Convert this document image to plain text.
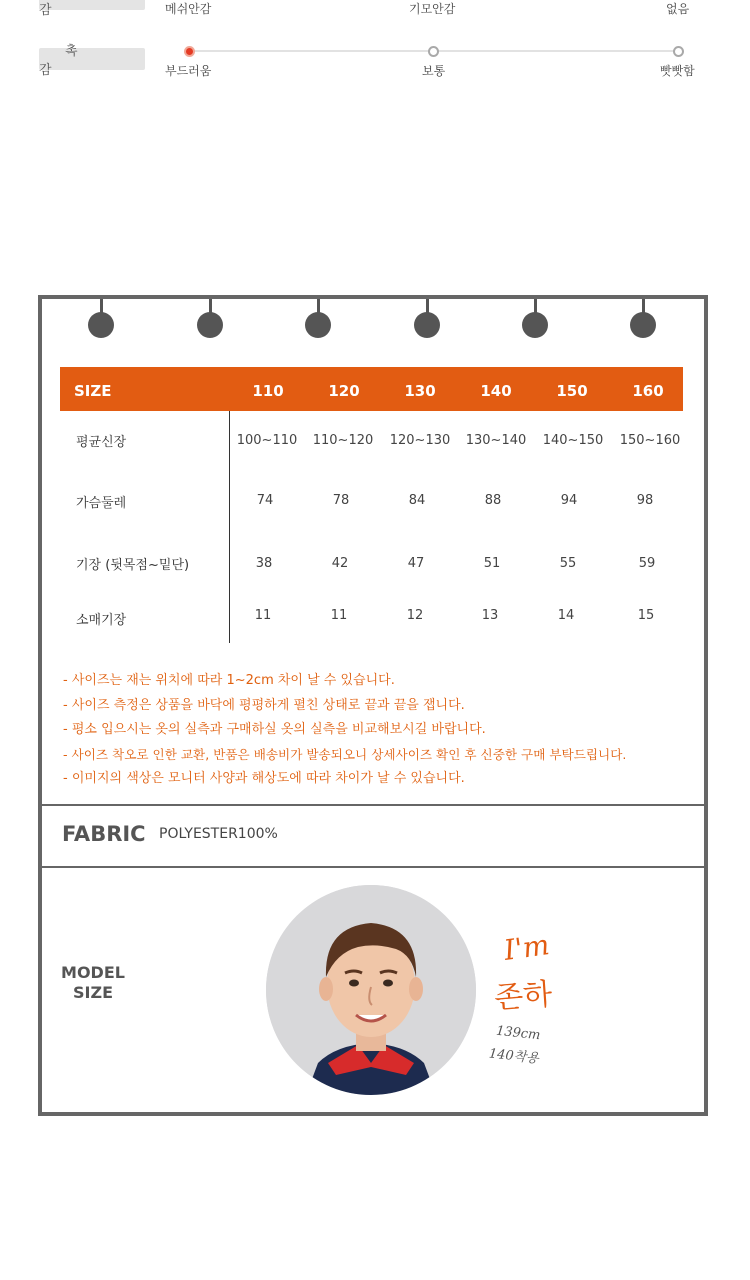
감	메쉬안감	기모안감	없음
촉 감	부드러움	보통	빳빳함
SIZE	110	120	130	140	150	160
평균신장	100~110	110~120	120~130	130~140	140~150	150~160
가슴둘레	74	78	84	88	94	98
기장 (뒷목점~밑단)	38	42	47	51	55	59
소매기장	11	11	12	13	14	15
- 사이즈는 재는 위치에 따라 1~2cm 차이 날 수 있습니다.
- 사이즈 측정은 상품을 바닥에 평평하게 펼친 상태로 끝과 끝을 잽니다.
- 평소 입으시는 옷의 실측과 구매하실 옷의 실측을 비교해보시길 바랍니다.
- 사이즈 착오로 인한 교환, 반품은 배송비가 발송되오니 상세사이즈 확인 후 신중한 구매 부탁드립니다.
- 이미지의 색상은 모니터 사양과 해상도에 따라 차이가 날 수 있습니다.
FABRIC POLYESTER100%
MODEL
SIZE
I'm
존하
139cm
140착용
